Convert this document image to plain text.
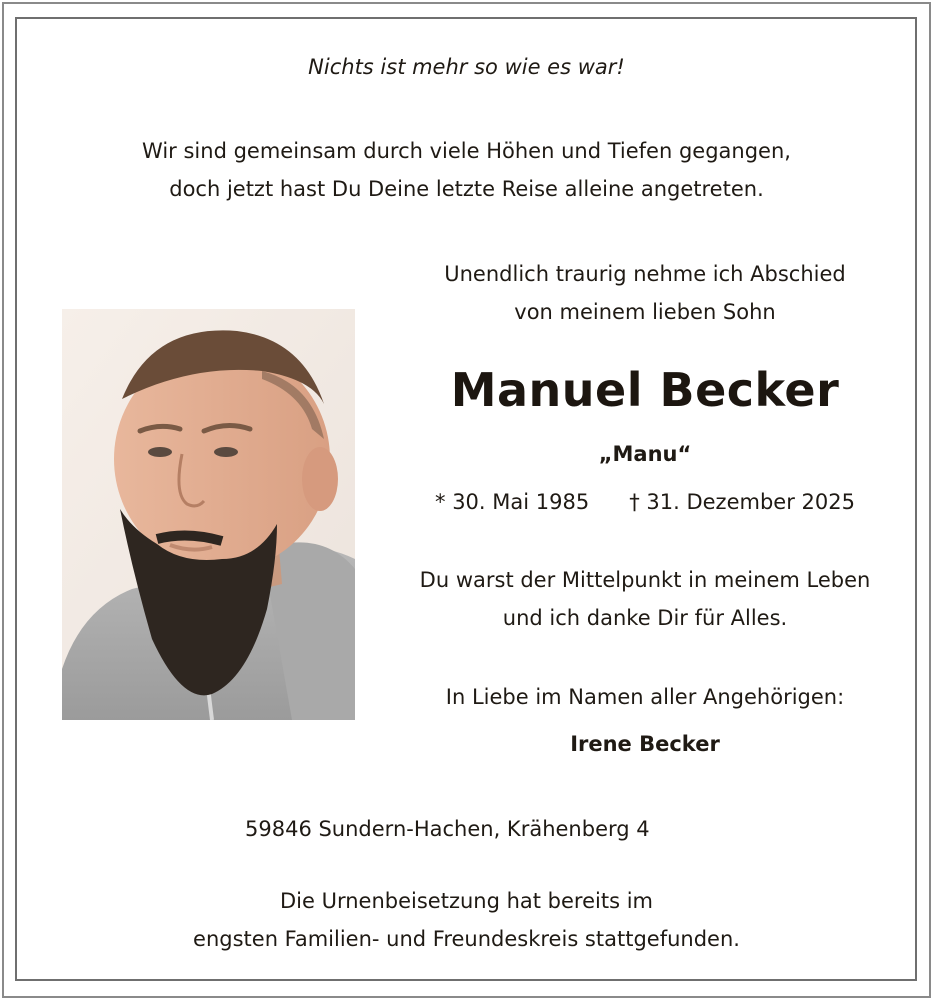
Nichts ist mehr so wie es war!
Wir sind gemeinsam durch viele Höhen und Tiefen gegangen,
doch jetzt hast Du Deine letzte Reise alleine angetreten.
Unendlich traurig nehme ich Abschied
von meinem lieben Sohn
Manuel Becker
„Manu“
* 30. Mai 1985 † 31. Dezember 2025
Du warst der Mittelpunkt in meinem Leben
und ich danke Dir für Alles.
In Liebe im Namen aller Angehörigen:
Irene Becker
59846 Sundern-Hachen, Krähenberg 4
Die Urnenbeisetzung hat bereits im
engsten Familien- und Freundeskreis stattgefunden.
